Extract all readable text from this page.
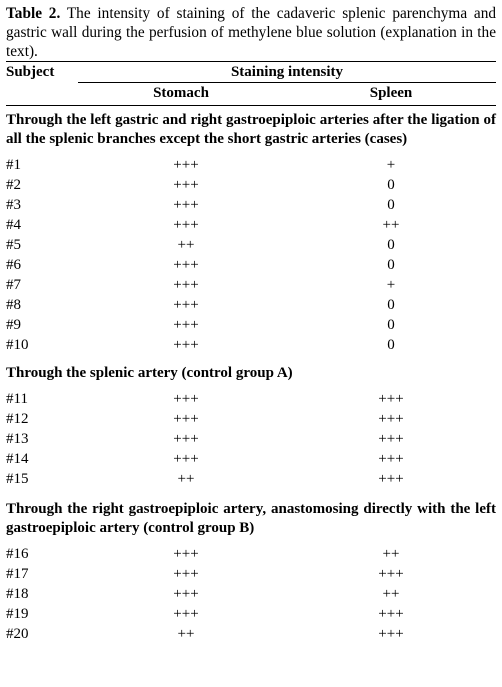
Table 2. The intensity of staining of the cadaveric splenic parenchyma and gastric wall during the perfusion of methylene blue solution (explanation in the text).

Subject	Staining intensity
Stomach	Spleen

Through the left gastric and right gastroepiploic arteries after the ligation of all the splenic branches except the short gastric arteries (cases)

#1	+++	+
#2	+++	0
#3	+++	0
#4	+++	++
#5	++	0
#6	+++	0
#7	+++	+
#8	+++	0
#9	+++	0
#10	+++	0

Through the splenic artery (control group A)

#11	+++	+++
#12	+++	+++
#13	+++	+++
#14	+++	+++
#15	++	+++

Through the right gastroepiploic artery, anastomosing directly with the left gastroepiploic artery (control group B)

#16	+++	++
#17	+++	+++
#18	+++	++
#19	+++	+++
#20	++	+++
